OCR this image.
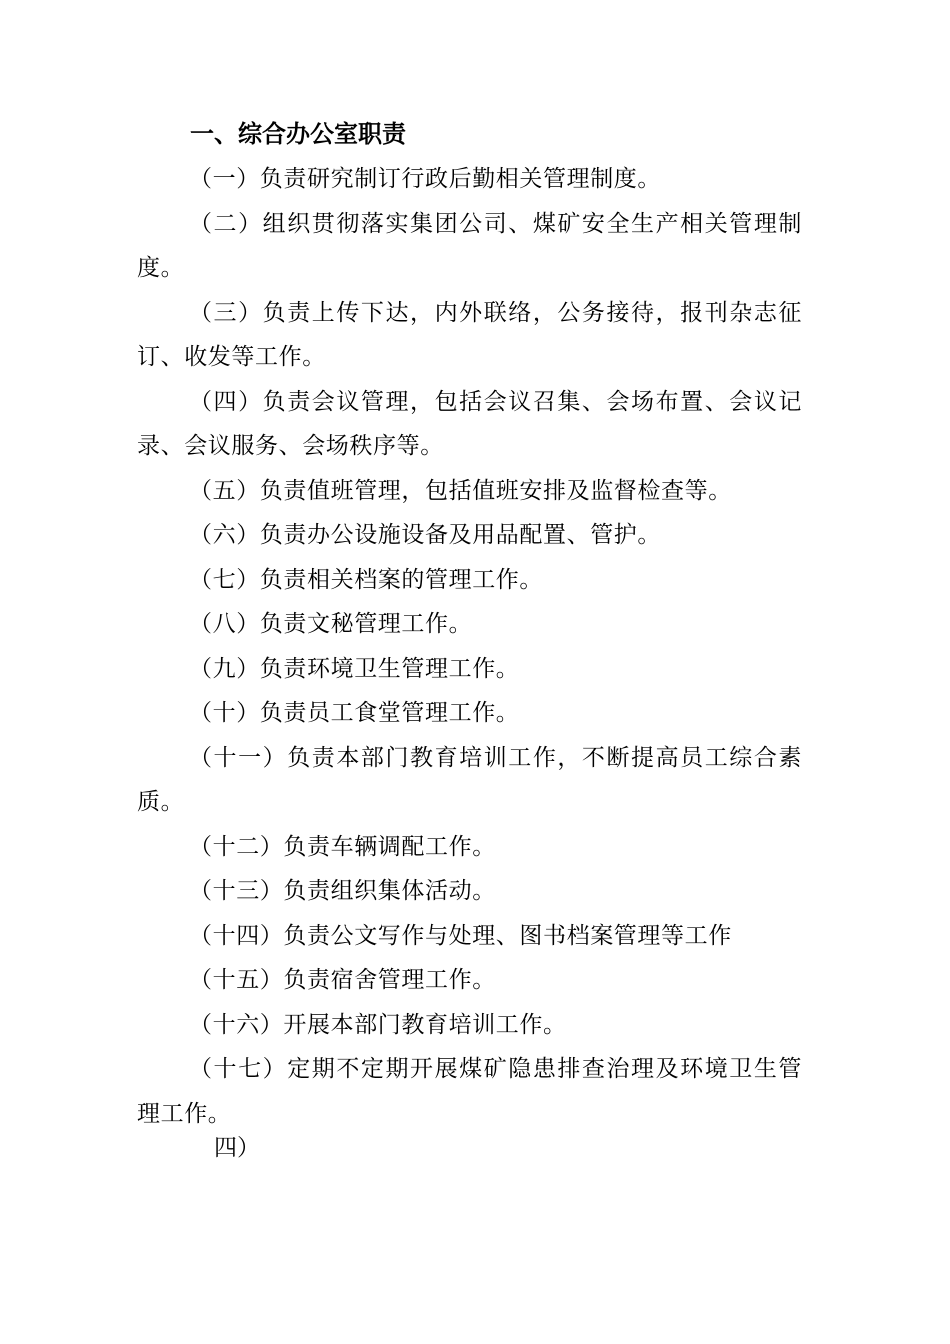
一、综合办公室职责

（一）负责研究制订行政后勤相关管理制度。

（二）组织贯彻落实集团公司、煤矿安全生产相关管理制度。

（三）负责上传下达，内外联络，公务接待，报刊杂志征订、收发等工作。

（四）负责会议管理，包括会议召集、会场布置、会议记录、会议服务、会场秩序等。

（五）负责值班管理，包括值班安排及监督检查等。

（六）负责办公设施设备及用品配置、管护。

（七）负责相关档案的管理工作。

（八）负责文秘管理工作。

（九）负责环境卫生管理工作。

（十）负责员工食堂管理工作。

（十一）负责本部门教育培训工作，不断提高员工综合素质。

（十二）负责车辆调配工作。

（十三）负责组织集体活动。

（十四）负责公文写作与处理、图书档案管理等工作

（十五）负责宿舍管理工作。

（十六）开展本部门教育培训工作。

（十七）定期不定期开展煤矿隐患排查治理及环境卫生管理工作。

四）
